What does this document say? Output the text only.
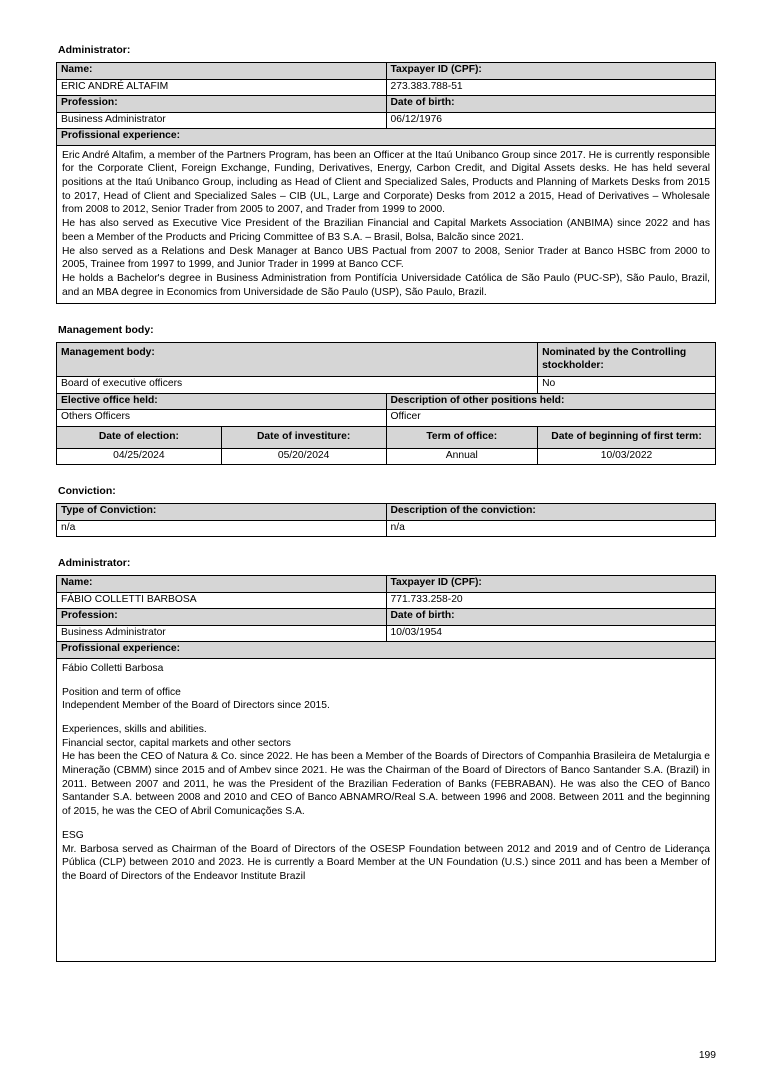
Administrator:
Name:	Taxpayer ID (CPF):
ERIC ANDRÉ ALTAFIM	273.383.788-51
Profession:	Date of birth:
Business Administrator	06/12/1976
Profissional experience:	

Eric André Altafim, a member of the Partners Program, has been an Officer at the Itaú Unibanco Group since 2017. He is currently responsible for the Corporate Client, Foreign Exchange, Funding, Derivatives, Energy, Carbon Credit, and Digital Assets desks. He has held several positions at the Itaú Unibanco Group, including as Head of Client and Specialized Sales, Products and Planning of Markets Desks from 2015 to 2017, Head of Client and Specialized Sales – CIB (UL, Large and Corporate) Desks from 2012 a 2015, Head of Derivatives – Wholesale from 2008 to 2012, Senior Trader from 2005 to 2007, and Trader from 1999 to 2000.

He has also served as Executive Vice President of the Brazilian Financial and Capital Markets Association (ANBIMA) since 2022 and has been a Member of the Products and Pricing Committee of B3 S.A. – Brasil, Bolsa, Balcão since 2021.

He also served as a Relations and Desk Manager at Banco UBS Pactual from 2007 to 2008, Senior Trader at Banco HSBC from 2000 to 2005, Trainee from 1997 to 1999, and Junior Trader in 1999 at Banco CCF.

He holds a Bachelor's degree in Business Administration from Pontifícia Universidade Católica de São Paulo (PUC-SP), São Paulo, Brazil, and an MBA degree in Economics from Universidade de São Paulo (USP), São Paulo, Brazil.	

Management body:
Management body:			Nominated by the Controlling stockholder:
Board of executive officers			No
Elective office held:		Description of other positions held:	
Others Officers		Officer	
Date of election:	Date of investiture:	Term of office:	Date of beginning of first term:
04/25/2024	05/20/2024	Annual	10/03/2022
Conviction:
Type of Conviction:	Description of the conviction:
n/a	n/a
Administrator:
Name:	Taxpayer ID (CPF):
FÁBIO COLLETTI BARBOSA	771.733.258-20
Profession:	Date of birth:
Business Administrator	10/03/1954
Profissional experience:	

Fábio Colletti Barbosa

Position and term of office

Independent Member of the Board of Directors since 2015.

Experiences, skills and abilities.

Financial sector, capital markets and other sectors

He has been the CEO of Natura & Co. since 2022. He has been a Member of the Boards of Directors of Companhia Brasileira de Metalurgia e Mineração (CBMM) since 2015 and of Ambev since 2021. He was the Chairman of the Board of Directors of Banco Santander S.A. (Brazil) in 2011. Between 2007 and 2011, he was the President of the Brazilian Federation of Banks (FEBRABAN). He was also the CEO of Banco Santander S.A. between 2008 and 2010 and CEO of Banco ABNAMRO/Real S.A. between 1996 and 2008. Between 2011 and the beginning of 2015, he was the CEO of Abril Comunicações S.A.

ESG

Mr. Barbosa served as Chairman of the Board of Directors of the OSESP Foundation between 2012 and 2019 and of Centro de Liderança Pública (CLP) between 2010 and 2023. He is currently a Board Member at the UN Foundation (U.S.) since 2011 and has been a Member of the Board of Directors of the Endeavor Institute Brazil

199
